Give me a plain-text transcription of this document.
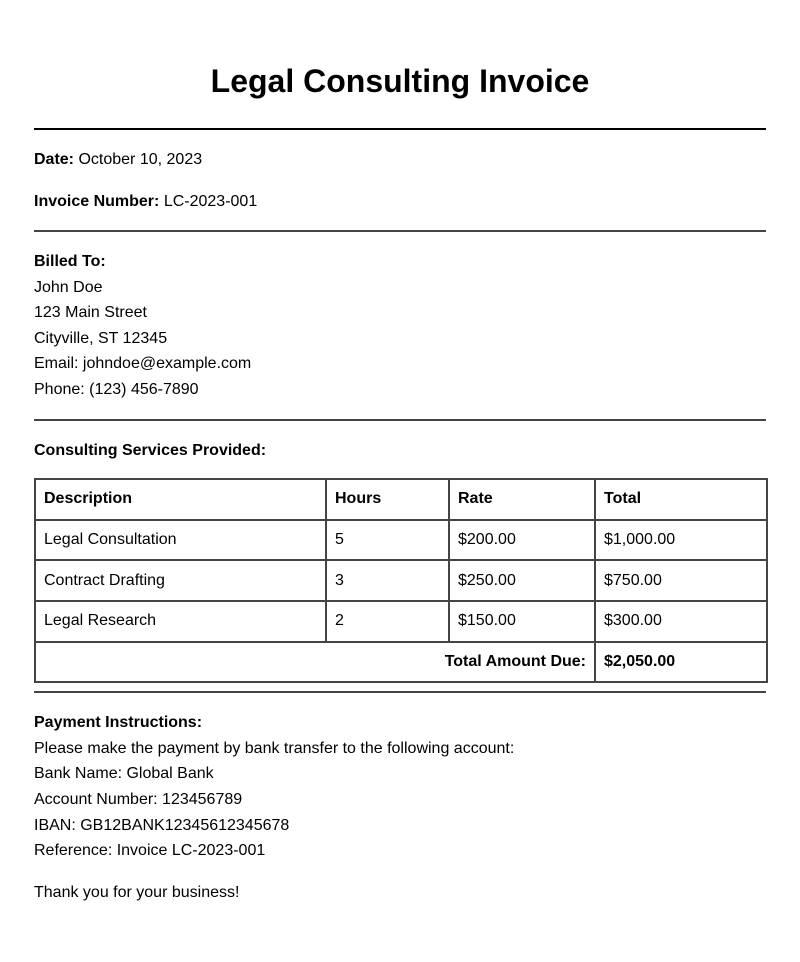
Legal Consulting Invoice
Date: October 10, 2023
Invoice Number: LC-2023-001
Billed To:
John Doe
123 Main Street
Cityville, ST 12345
Email: johndoe@example.com
Phone: (123) 456-7890
Consulting Services Provided:
Description	Hours	Rate	Total
Legal Consultation	5	$200.00	$1,000.00
Contract Drafting	3	$250.00	$750.00
Legal Research	2	$150.00	$300.00
Total Amount Due:			$2,050.00
Payment Instructions:
Please make the payment by bank transfer to the following account:
Bank Name: Global Bank
Account Number: 123456789
IBAN: GB12BANK12345612345678
Reference: Invoice LC-2023-001
Thank you for your business!
